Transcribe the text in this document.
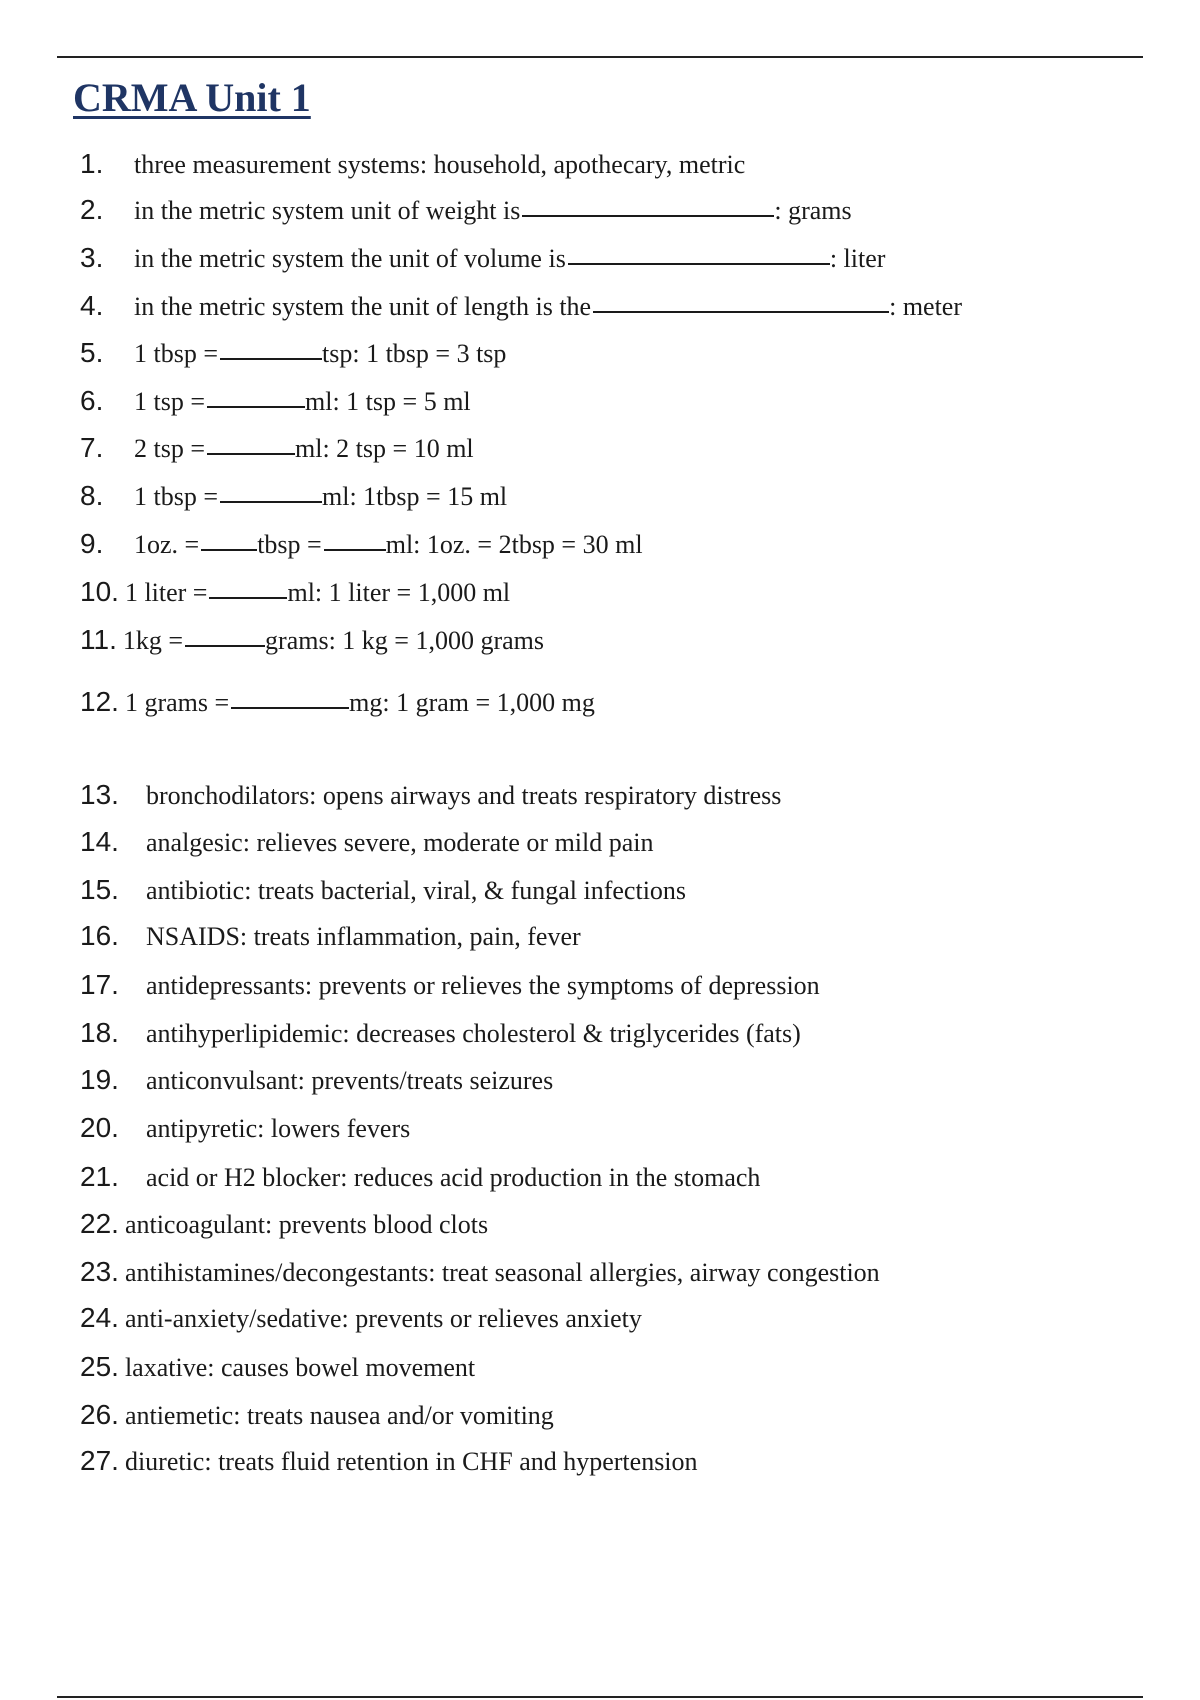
CRMA Unit 1
1.	three measurement systems: household, apothecary, metric
2.	in the metric system unit of weight is	: grams
3.	in the metric system the unit of volume is	: liter
4.	in the metric system the unit of length is the	: meter
5.	1 tbsp =	tsp: 1 tbsp = 3 tsp
6.	1 tsp =	ml: 1 tsp = 5 ml
7.	2 tsp =	ml: 2 tsp = 10 ml
8.	1 tbsp =	ml: 1tbsp = 15 ml
9.	1oz. = tbsp = ml: 1oz. = 2tbsp = 30 ml
10. 1 liter =	ml: 1 liter = 1,000 ml
11. 1kg =	grams: 1 kg = 1,000 grams
12. 1 grams =	mg: 1 gram = 1,000 mg
13.	bronchodilators: opens airways and treats respiratory distress
14.	analgesic: relieves severe, moderate or mild pain
15.	antibiotic: treats bacterial, viral, & fungal infections
16.	NSAIDS: treats inflammation, pain, fever
17.	antidepressants: prevents or relieves the symptoms of depression
18.	antihyperlipidemic: decreases cholesterol & triglycerides (fats)
19.	anticonvulsant: prevents/treats seizures
20.	antipyretic: lowers fevers
21.	acid or H2 blocker: reduces acid production in the stomach
22. anticoagulant: prevents blood clots
23. antihistamines/decongestants: treat seasonal allergies, airway congestion
24. anti-anxiety/sedative: prevents or relieves anxiety
25. laxative: causes bowel movement
26. antiemetic: treats nausea and/or vomiting
27. diuretic: treats fluid retention in CHF and hypertension
